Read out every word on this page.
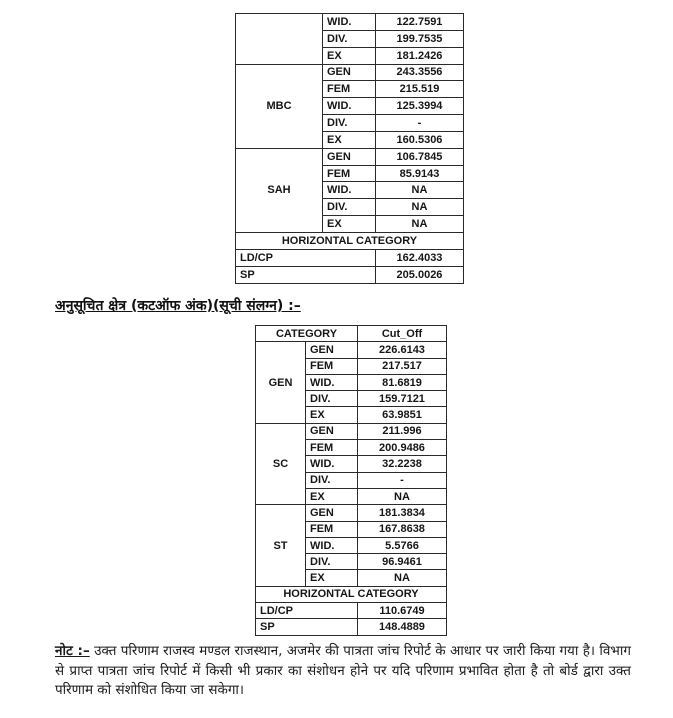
	WID.	122.7591
	DIV.	199.7535
	EX	181.2426
MBC	GEN	243.3556
	FEM	215.519
	WID.	125.3994
	DIV.	-
	EX	160.5306
SAH	GEN	106.7845
	FEM	85.9143
	WID.	NA
	DIV.	NA
	EX	NA
HORIZONTAL CATEGORY		
LD/CP		162.4033
SP		205.0026
अनुसूचित क्षेत्र (कटऑफ अंक)(सूची संलग्न) :–
CATEGORY		Cut_Off
GEN	GEN	226.6143
	FEM	217.517
	WID.	81.6819
	DIV.	159.7121
	EX	63.9851
SC	GEN	211.996
	FEM	200.9486
	WID.	32.2238
	DIV.	-
	EX	NA
ST	GEN	181.3834
	FEM	167.8638
	WID.	5.5766
	DIV.	96.9461
	EX	NA
HORIZONTAL CATEGORY		
LD/CP		110.6749
SP		148.4889

नोट :– उक्त परिणाम राजस्व मण्डल राजस्थान, अजमेर की पात्रता जांच रिपोर्ट के आधार पर जारी किया गया है। विभाग से प्राप्त पात्रता जांच रिपोर्ट में किसी भी प्रकार का संशोधन होने पर यदि परिणाम प्रभावित होता है तो बोर्ड द्वारा उक्त परिणाम को संशोधित किया जा सकेगा।
